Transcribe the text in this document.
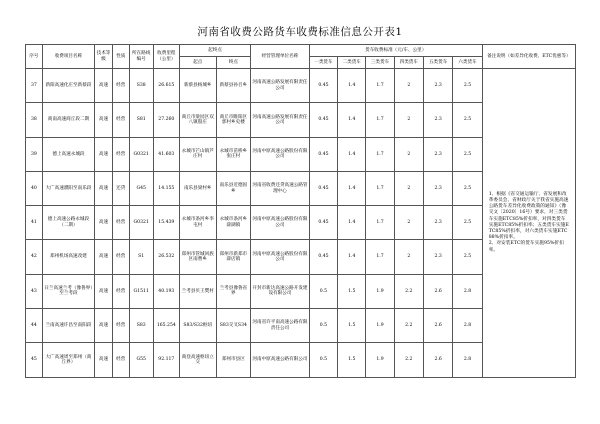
河南省收费公路货车收费标准信息公开表1
序号	收费项目名称	技术等级	性质	所在路线编号	收费里程（公里）	起终点		经营管理单位名称	货车收费标准（元/车、公里）						备注说明（如差异化收费、ETC优惠等）
						起点	终点		一类货车	二类货车	三类货车	四类货车	五类货车	六类货车	
37	新阳高速化庄至新蔡段	高速	经营	S38	26.615	新蔡县杨城乡	新蔡县孙召乡	河南高速公路发展有限责任公司	0.45	1.4	1.7	2	2.3	2.5	1、根据《省交通运输厅、省发展和改革委员会、省财政厅关于我省实施高速公路货车差异化收费政策的通知》（豫交文〔2020〕16号）要求，对三类货车实施ETC85%折扣率，对四类货车实施ETC85%折扣率；五类货车实施ETC85%折扣率，对六类货车实施ETC88%折扣率。
2、对安装ETC的货车实施95%折扣率。
38	商南高速商丘段二期	高速	经营	S81	27.260	商丘市梁园区双八镇殷庄	商丘市睢阳区郭村乡史楼	河南高速公路发展有限责任公司	0.45	1.4	1.7	2	2.3	2.5	
39	德上高速永城段	高速	经营	G0321	41.603	永城市芒山镇芦庄村	永城市苗桥乡张庄村	河南中原高速公路股份有限公司	0.45	1.4	1.7	2	2.3	2.5	
40	大广高速濮阳至南乐段	高速	还贷	G45	14.155	南乐县梁村乡	南乐县近德固乡	河南省收费还贷高速公路管理中心	0.45	1.4	1.7	2	2.3	2.5	
41	德上高速公路永城段（二期）	高速	经营	G0321	15.439	永城市条河乡李屯村	永城市条河乡薛湖镇	河南中原高速公路股份有限公司	0.45	1.4	1.7	2	2.3	2.5	
42	郑州机场高速改建	高速	经营	S1	26.532	郑州市管城回族区南曹乡	郑州市新郑市薛店镇	河南中原高速公路股份有限公司	0.45	1.4	1.7	2	2.3	2.5	
43	日兰高速兰考（豫鲁界）至兰考段	高速	经营	G1511	40.193	兰考县贝王樊村	兰考县豫鲁省界	开封市新达高速公路开发建设有限公司	0.5	1.5	1.9	2.2	2.6	2.8	
44	兰南高速许昌至南阳段	高速	经营	S83	165.254	S83/S32枢纽	S83交叉S34	河南省许平南高速公路有限责任公司	0.5	1.5	1.9	2.2	2.6	2.8	
45	大广高速周至郑州（商丘界）	高速	经营	G55	92.117	商登高速枢纽立交	郑州市县区	河南中原高速公路有限公司	0.5	1.5	1.9	2.2	2.6	2.8	
